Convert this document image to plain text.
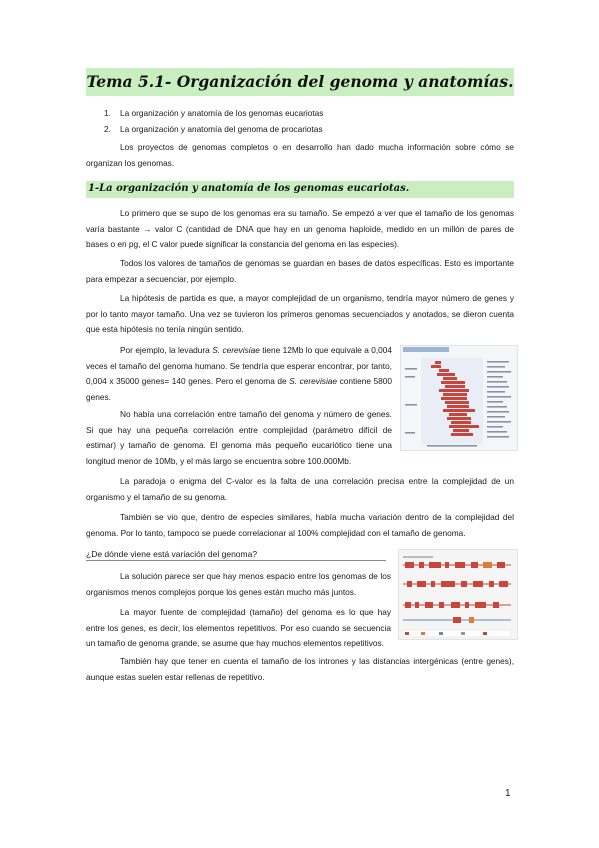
Tema 5.1- Organización del genoma y anatomías.
1. La organización y anatomía de los genomas eucariotas
2. La organización y anatomía del genoma de procariotas

Los proyectos de genomas completos o en desarrollo han dado mucha información sobre cómo se organizan los genomas.

1-La organización y anatomía de los genomas eucariotas.

Lo primero que se supo de los genomas era su tamaño. Se empezó a ver que el tamaño de los genomas varía bastante → valor C (cantidad de DNA que hay en un genoma haploide, medido en un millón de pares de bases o en pg, el C valor puede significar la constancia del genoma en las especies).

Todos los valores de tamaños de genomas se guardan en bases de datos específicas. Esto es importante para empezar a secuenciar, por ejemplo.

La hipótesis de partida es que, a mayor complejidad de un organismo, tendría mayor número de genes y por lo tanto mayor tamaño. Una vez se tuvieron los primeros genomas secuenciados y anotados, se dieron cuenta que esta hipótesis no tenía ningún sentido.

Por ejemplo, la levadura S. cerevisiae tiene 12Mb lo que equivale a 0,004 veces el tamaño del genoma humano. Se tendría que esperar encontrar, por tanto, 0,004 x 35000 genes= 140 genes. Pero el genoma de S. cerevisiae contiene 5800 genes.

No había una correlación entre tamaño del genoma y número de genes. Si que hay una pequeña correlación entre complejidad (parámetro difícil de estimar) y tamaño de genoma. El genoma más pequeño eucariótico tiene una longitud menor de 10Mb, y el más largo se encuentra sobre 100.000Mb.

La paradoja o enigma del C-valor es la falta de una correlación precisa entre la complejidad de un organismo y el tamaño de su genoma.

También se vio que, dentro de especies similares, había mucha variación dentro de la complejidad del genoma. Por lo tanto, tampoco se puede correlacionar al 100% complejidad con el tamaño de genoma.

¿De dónde viene está variación del genoma?

La solución parece ser que hay menos espacio entre los genomas de los organismos menos complejos porque los genes están mucho más juntos.

La mayor fuente de complejidad (tamaño) del genoma es lo que hay entre los genes, es decir, los elementos repetitivos. Por eso cuando se secuencia un tamaño de genoma grande, se asume que hay muchos elementos repetitivos.

También hay que tener en cuenta el tamaño de los intrones y las distancias intergénicas (entre genes), aunque estas suelen estar rellenas de repetitivo.

1
